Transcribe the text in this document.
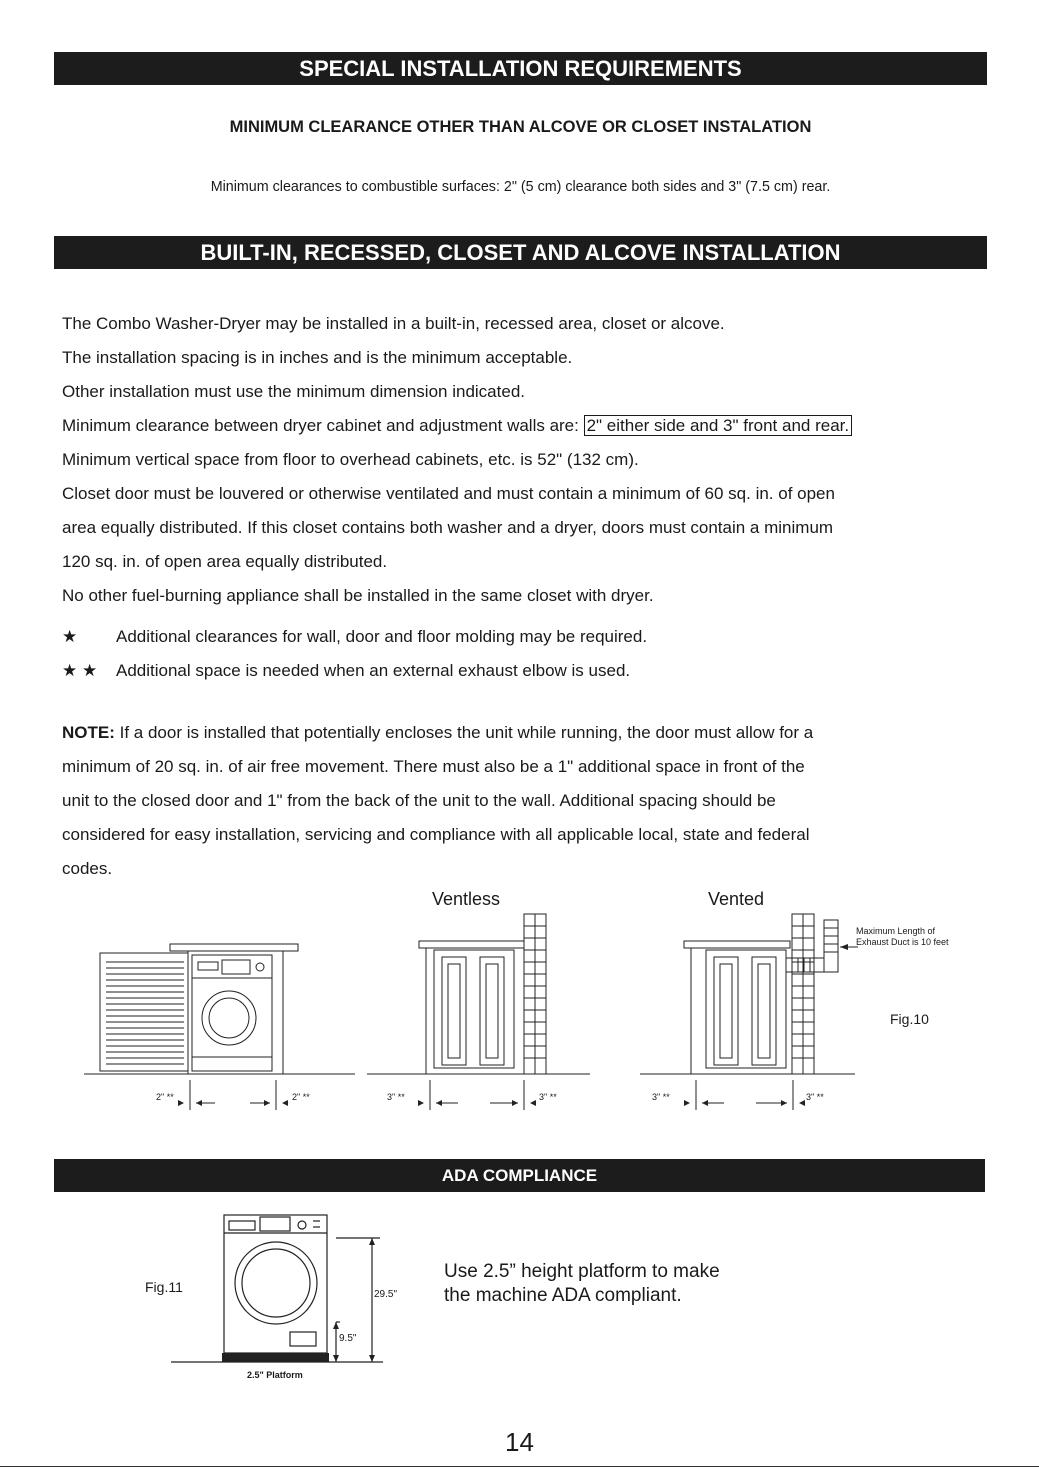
SPECIAL INSTALLATION REQUIREMENTS
MINIMUM CLEARANCE OTHER THAN ALCOVE OR CLOSET INSTALATION
Minimum clearances to combustible surfaces: 2" (5 cm) clearance both sides and 3" (7.5 cm) rear.
BUILT-IN, RECESSED, CLOSET AND ALCOVE INSTALLATION

The Combo Washer-Dryer may be installed in a built-in, recessed area, closet or alcove.

The installation spacing is in inches and is the minimum acceptable.

Other installation must use the minimum dimension indicated.

Minimum clearance between dryer cabinet and adjustment walls are: 2" either side and 3" front and rear.

Minimum vertical space from floor to overhead cabinets, etc. is 52" (132 cm).

Closet door must be louvered or otherwise ventilated and must contain a minimum of 60 sq. in. of open

area equally distributed. If this closet contains both washer and a dryer, doors must contain a minimum

120 sq. in. of open area equally distributed.

No other fuel-burning appliance shall be installed in the same closet with dryer.

★	Additional clearances for wall, door and floor molding may be required.
★ ★	Additional space is needed when an external exhaust elbow is used.

NOTE: If a door is installed that potentially encloses the unit while running, the door must allow for a

minimum of 20 sq. in. of air free movement. There must also be a 1" additional space in front of the

unit to the closed door and 1" from the back of the unit to the wall. Additional spacing should be

considered for easy installation, servicing and compliance with all applicable local, state and federal

codes.

Ventless	Vented
2" **	2" **	3" **	3" **	3" **	3" **
Maximum Length of
Exhaust Duct is 10 feet
Fig.10
ADA COMPLIANCE
29.5"
9.5"
2.5" Platform
Fig.11

Use 2.5” height platform to make

the machine ADA compliant.

14
